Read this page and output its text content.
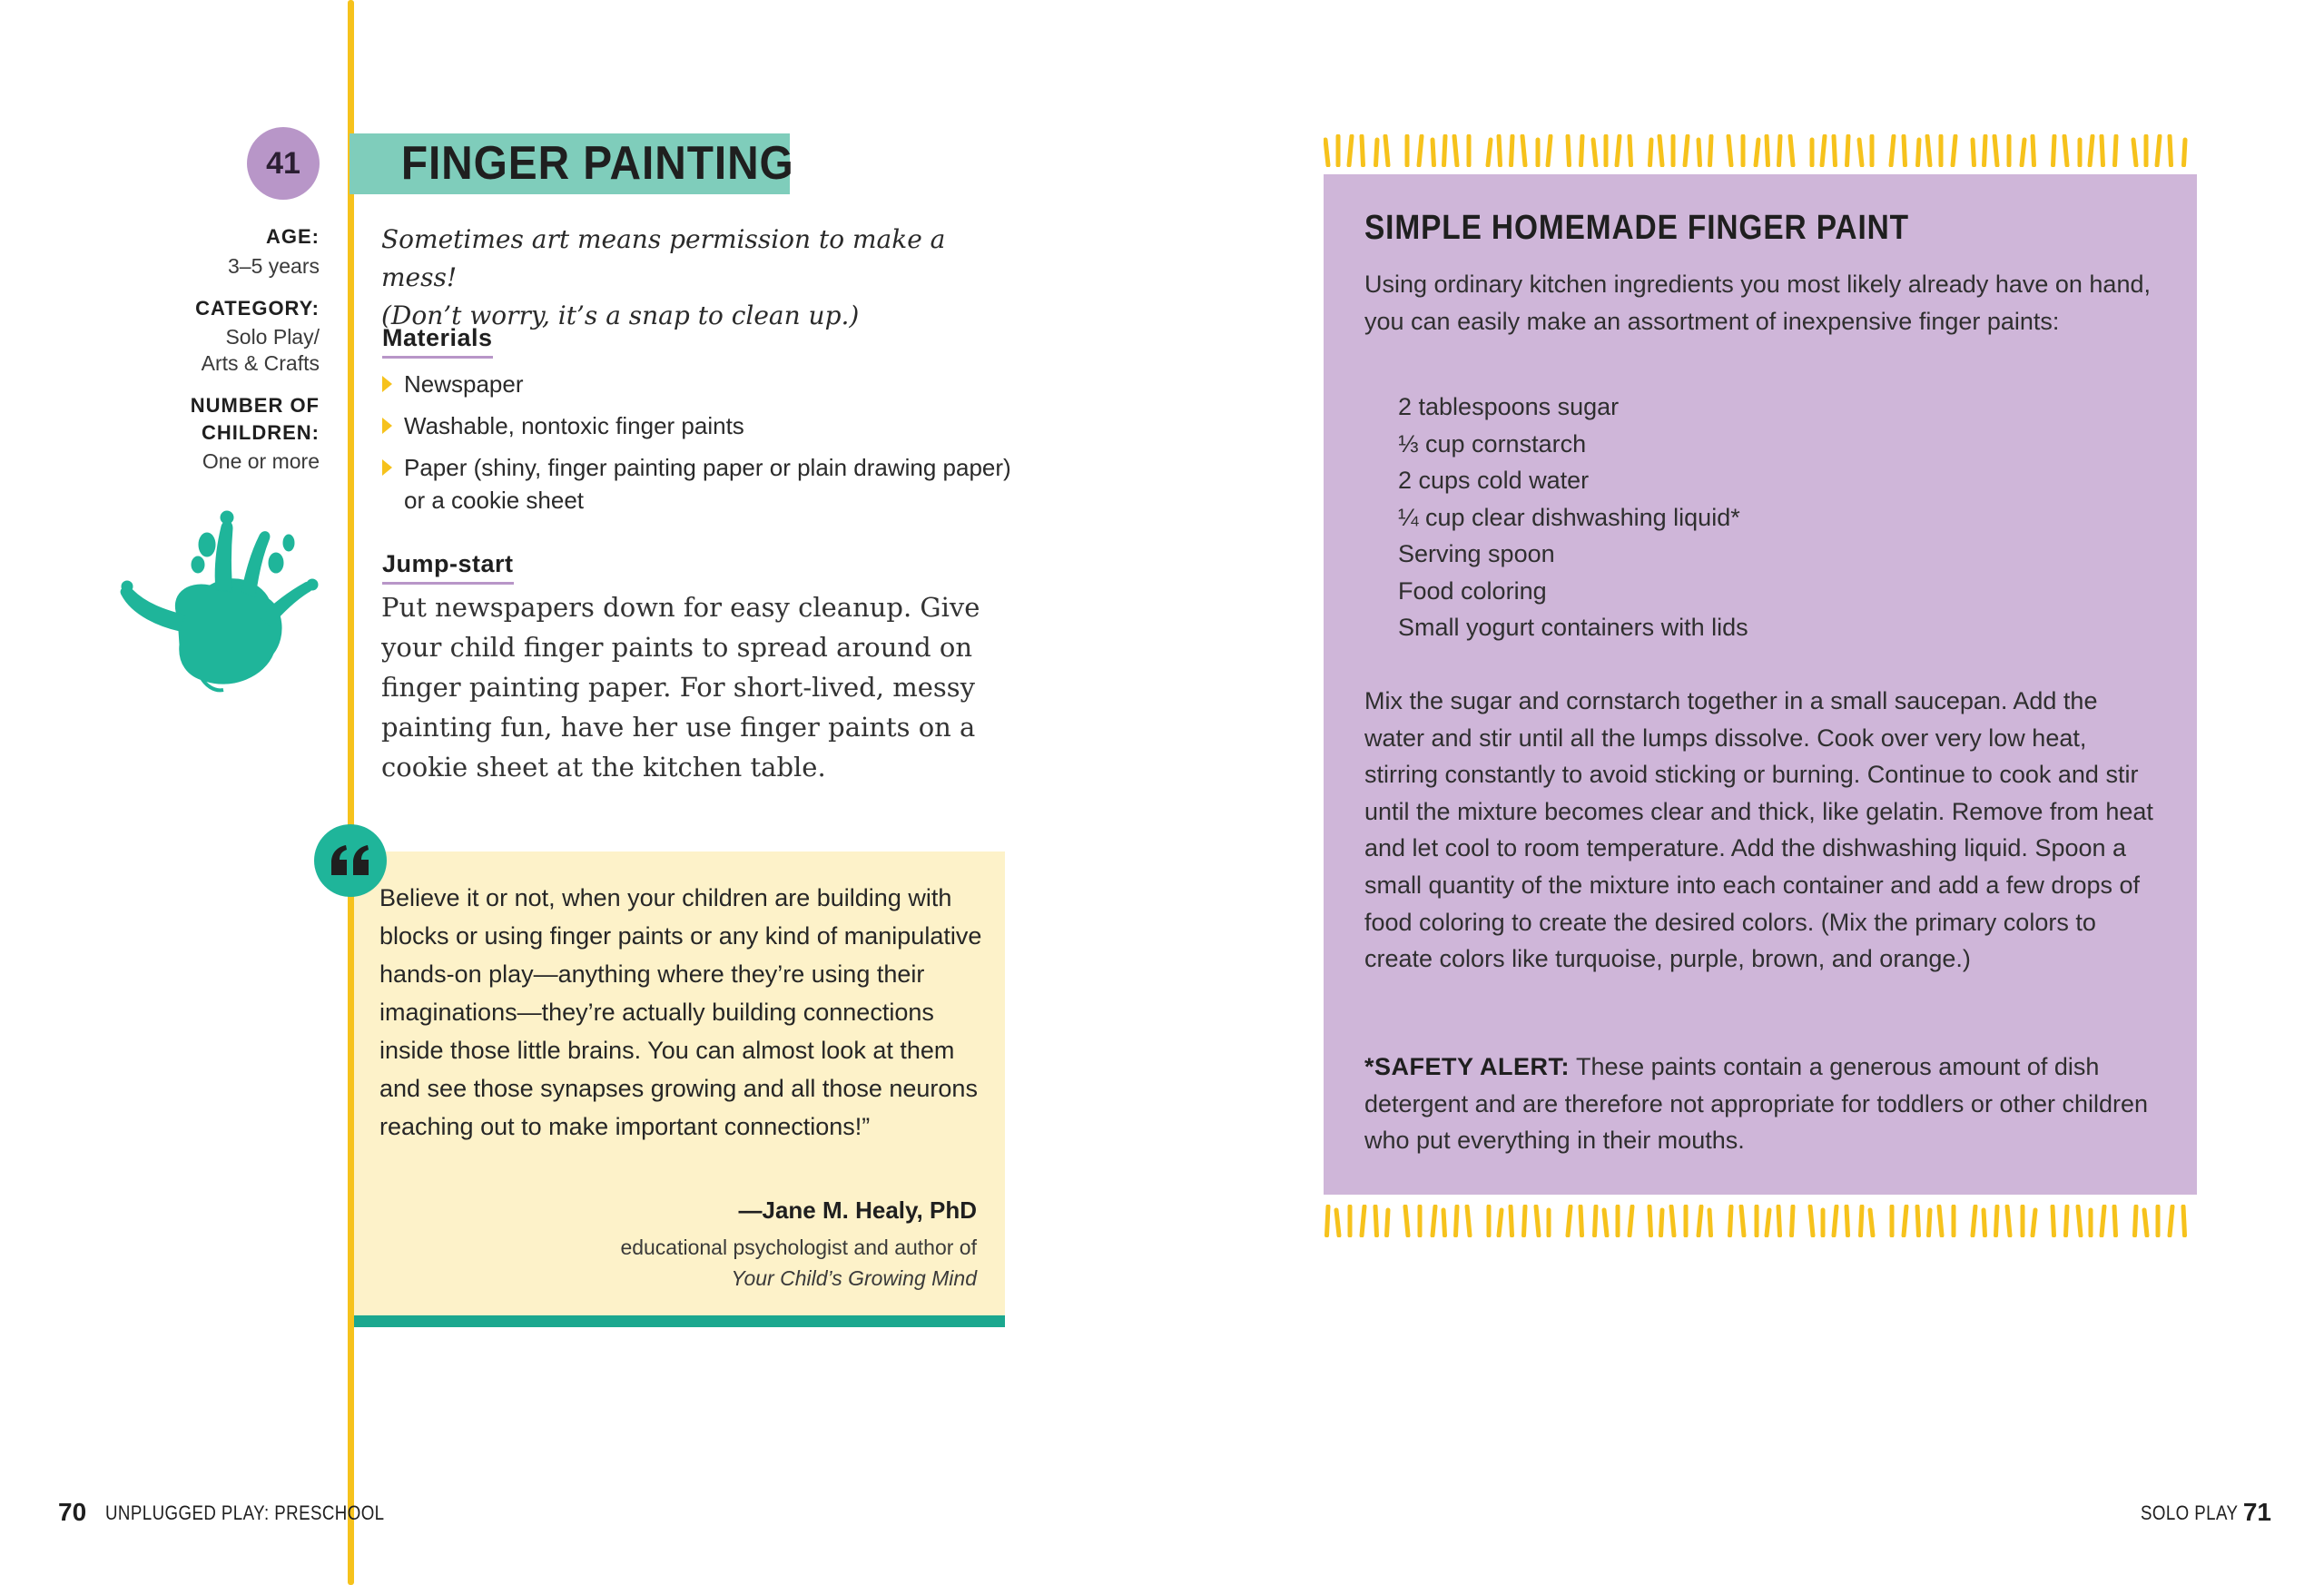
41	FINGER PAINTING
AGE:
3–5 years
CATEGORY:
Solo Play/
Arts & Crafts
NUMBER OF
CHILDREN:
One or more
Sometimes art means permission to make a mess!
(Don’t worry, it’s a snap to clean up.)
Materials
Newspaper
Washable, nontoxic finger paints
Paper (shiny, finger painting paper or plain drawing paper) or a cookie sheet
Jump-start
Put newspapers down for easy cleanup. Give your child finger paints to spread around on finger painting paper. For short-lived, messy painting fun, have her use finger paints on a cookie sheet at the kitchen table.
Believe it or not, when your children are building with blocks or using finger paints or any kind of manipulative hands-on play—anything where they’re using their imaginations—they’re actually building connections inside those little brains. You can almost look at them and see those synapses growing and all those neurons reaching out to make important connections!”
—Jane M. Healy, PhD
educational psychologist and author of
Your Child’s Growing Mind
70 UNPLUGGED PLAY: PRESCHOOL	SOLO PLAY 71
SIMPLE HOMEMADE FINGER PAINT
Using ordinary kitchen ingredients you most likely already have on hand, you can easily make an assortment of inexpensive finger paints:
2 tablespoons sugar
⅓ cup cornstarch
2 cups cold water
¼ cup clear dishwashing liquid*
Serving spoon
Food coloring
Small yogurt containers with lids
Mix the sugar and cornstarch together in a small saucepan. Add the water and stir until all the lumps dissolve. Cook over very low heat, stirring constantly to avoid sticking or burning. Continue to cook and stir until the mixture becomes clear and thick, like gelatin. Remove from heat and let cool to room temperature. Add the dishwashing liquid. Spoon a small quantity of the mixture into each container and add a few drops of food coloring to create the desired colors. (Mix the primary colors to create colors like turquoise, purple, brown, and orange.)
*SAFETY ALERT: These paints contain a generous amount of dish detergent and are therefore not appropriate for toddlers or other children who put everything in their mouths.
